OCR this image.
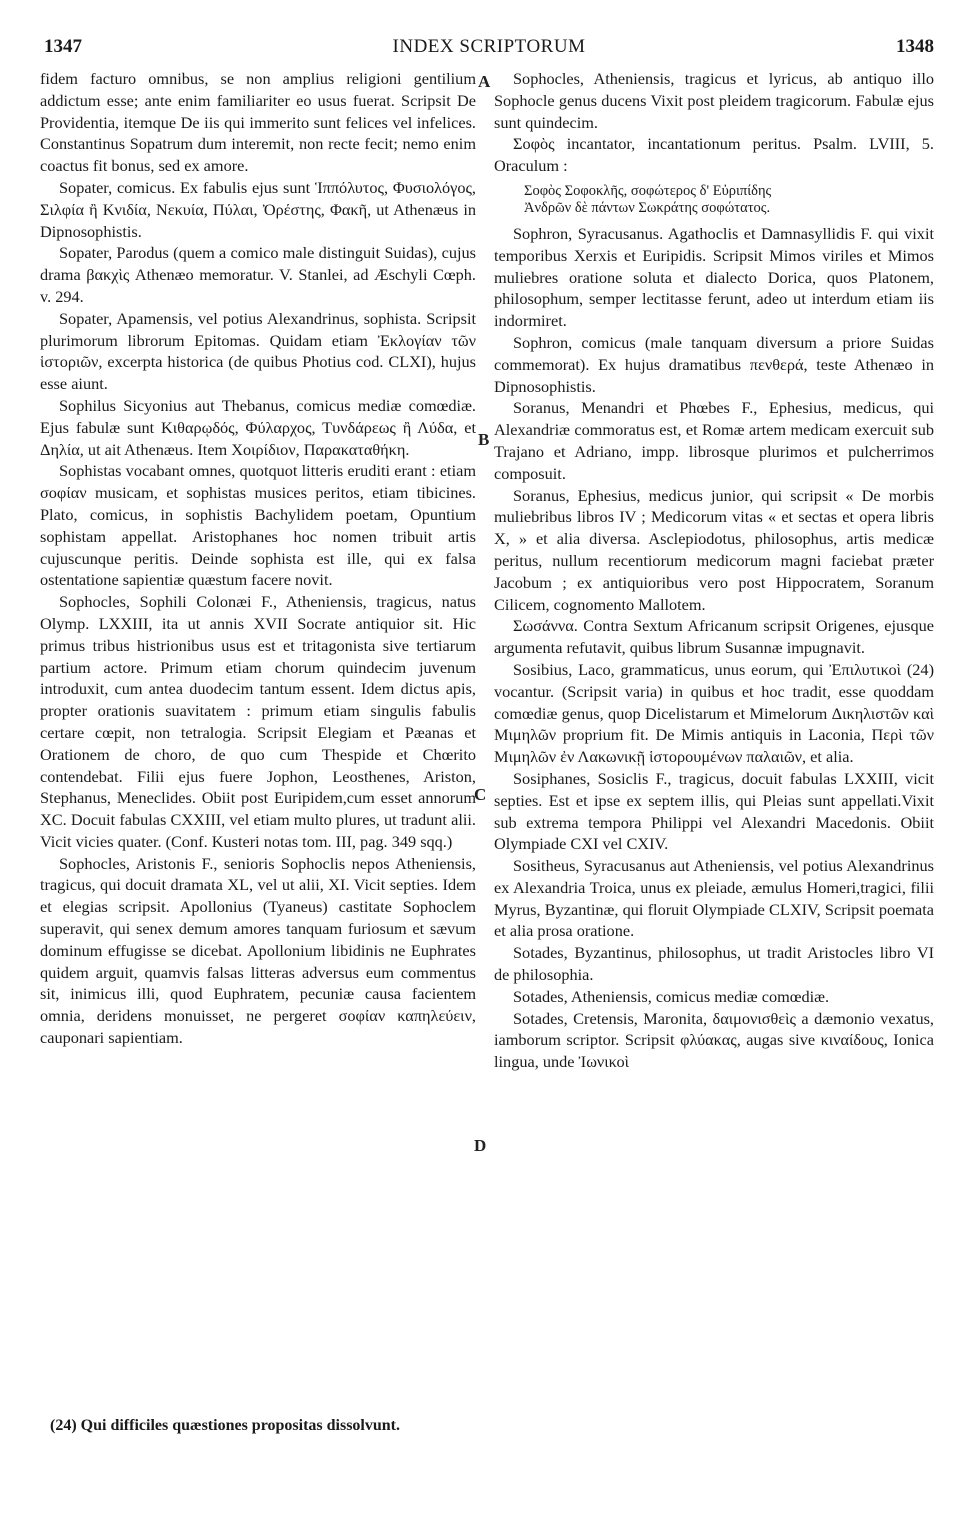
1347	INDEX SCRIPTORUM	1348

fidem facturo omnibus, se non amplius religioni gentilium addictum esse; ante enim familiariter eo usus fuerat. Scripsit De Providentia, itemque De iis qui immerito sunt felices vel infelices. Constantinus Sopatrum dum interemit, non recte fecit; nemo enim coactus fit bonus, sed ex amore.

Sopater, comicus. Ex fabulis ejus sunt Ἱππόλυτος, Φυσιολόγος, Σιλφία ἢ Κνιδία, Νεκυία, Πύλαι, Ὀρέστης, Φακῆ, ut Athenæus in Dipnosophistis.

Sopater, Parodus (quem a comico male distinguit Suidas), cujus drama βακχὶς Athenæo memoratur. V. Stanlei, ad Æschyli Cœph. v. 294.

Sopater, Apamensis, vel potius Alexandrinus, sophista. Scripsit plurimorum librorum Epitomas. Quidam etiam Ἐκλογίαν τῶν ἱστοριῶν, excerpta historica (de quibus Photius cod. CLXI), hujus esse aiunt.

Sophilus Sicyonius aut Thebanus, comicus mediæ comœdiæ. Ejus fabulæ sunt Κιθαρῳδός, Φύλαρχος, Τυνδάρεως ἢ Λύδα, et Δηλία, ut ait Athenæus. Item Χοιρίδιον, Παρακαταθήκη.

Sophistas vocabant omnes, quotquot litteris eruditi erant : etiam σοφίαν musicam, et sophistas musices peritos, etiam tibicines. Plato, comicus, in sophistis Bachylidem poetam, Opuntium sophistam appellat. Aristophanes hoc nomen tribuit artis cujuscunque peritis. Deinde sophista est ille, qui ex falsa ostentatione sapientiæ quæstum facere novit.

Sophocles, Sophili Colonæi F., Atheniensis, tragicus, natus Olymp. LXXIII, ita ut annis XVII Socrate antiquior sit. Hic primus tribus histrionibus usus est et tritagonista sive tertiarum partium actore. Primum etiam chorum quindecim juvenum introduxit, cum antea duodecim tantum essent. Idem dictus apis, propter orationis suavitatem : primum etiam singulis fabulis certare cœpit, non tetralogia. Scripsit Elegiam et Pæanas et Orationem de choro, de quo cum Thespide et Chœrito contendebat. Filii ejus fuere Jophon, Leosthenes, Ariston, Stephanus, Meneclides. Obiit post Euripidem,cum esset annorum XC. Docuit fabulas CXXIII, vel etiam multo plures, ut tradunt alii. Vicit vicies quater. (Conf. Kusteri notas tom. III, pag. 349 sqq.)

Sophocles, Aristonis F., senioris Sophoclis nepos Atheniensis, tragicus, qui docuit dramata XL, vel ut alii, XI. Vicit septies. Idem et elegias scripsit. Apollonius (Tyaneus) castitate Sophoclem superavit, qui senex demum amores tanquam furiosum et sævum dominum effugisse se dicebat. Apollonium libidinis ne Euphrates quidem arguit, quamvis falsas litteras adversus eum commentus sit, inimicus illi, quod Euphratem, pecuniæ causa facientem omnia, deridens monuisset, ne pergeret σοφίαν καπηλεύειν, cauponari sapientiam.

A
B
C
D

Sophocles, Atheniensis, tragicus et lyricus, ab antiquo illo Sophocle genus ducens Vixit post pleidem tragicorum. Fabulæ ejus sunt quindecim.

Σοφὸς incantator, incantationum peritus. Psalm. LVIII, 5. Oraculum :

Σοφὸς Σοφοκλῆς, σοφώτερος δ' Εὐριπίδης
Ἀνδρῶν δὲ πάντων Σωκράτης σοφώτατος.

Sophron, Syracusanus. Agathoclis et Damnasyllidis F. qui vixit temporibus Xerxis et Euripidis. Scripsit Mimos viriles et Mimos muliebres oratione soluta et dialecto Dorica, quos Platonem, philosophum, semper lectitasse ferunt, adeo ut interdum etiam iis indormiret.

Sophron, comicus (male tanquam diversum a priore Suidas commemorat). Ex hujus dramatibus πενθερά, teste Athenæo in Dipnosophistis.

Soranus, Menandri et Phœbes F., Ephesius, medicus, qui Alexandriæ commoratus est, et Romæ artem medicam exercuit sub Trajano et Adriano, impp. librosque plurimos et pulcherrimos composuit.

Soranus, Ephesius, medicus junior, qui scripsit « De morbis muliebribus libros IV ; Medicorum vitas « et sectas et opera libris X, » et alia diversa. Asclepiodotus, philosophus, artis medicæ peritus, nullum recentiorum medicorum magni faciebat præter Jacobum ; ex antiquioribus vero post Hippocratem, Soranum Cilicem, cognomento Mallotem.

Σωσάννα. Contra Sextum Africanum scripsit Origenes, ejusque argumenta refutavit, quibus librum Susannæ impugnavit.

Sosibius, Laco, grammaticus, unus eorum, qui Ἐπιλυτικοὶ (24) vocantur. (Scripsit varia) in quibus et hoc tradit, esse quoddam comœdiæ genus, quop Dicelistarum et Mimelorum Δικηλιστῶν καὶ Μιμηλῶν proprium fit. De Mimis antiquis in Laconia, Περὶ τῶν Μιμηλῶν ἐν Λακωνικῇ ἱστορουμένων παλαιῶν, et alia.

Sosiphanes, Sosiclis F., tragicus, docuit fabulas LXXIII, vicit septies. Est et ipse ex septem illis, qui Pleias sunt appellati.Vixit sub extrema tempora Philippi vel Alexandri Macedonis. Obiit Olympiade CXI vel CXIV.

Sositheus, Syracusanus aut Atheniensis, vel potius Alexandrinus ex Alexandria Troica, unus ex pleiade, æmulus Homeri,tragici, filii Myrus, Byzantinæ, qui floruit Olympiade CLXIV, Scripsit poemata et alia prosa oratione.

Sotades, Byzantinus, philosophus, ut tradit Aristocles libro VI de philosophia.

Sotades, Atheniensis, comicus mediæ comœdiæ.

Sotades, Cretensis, Maronita, δαιμονισθεὶς a dæmonio vexatus, iamborum scriptor. Scripsit φλύακας, augas sive κιναίδους, Ionica lingua, unde Ἰωνικοὶ

(24) Qui difficiles quæstiones propositas dissolvunt.
